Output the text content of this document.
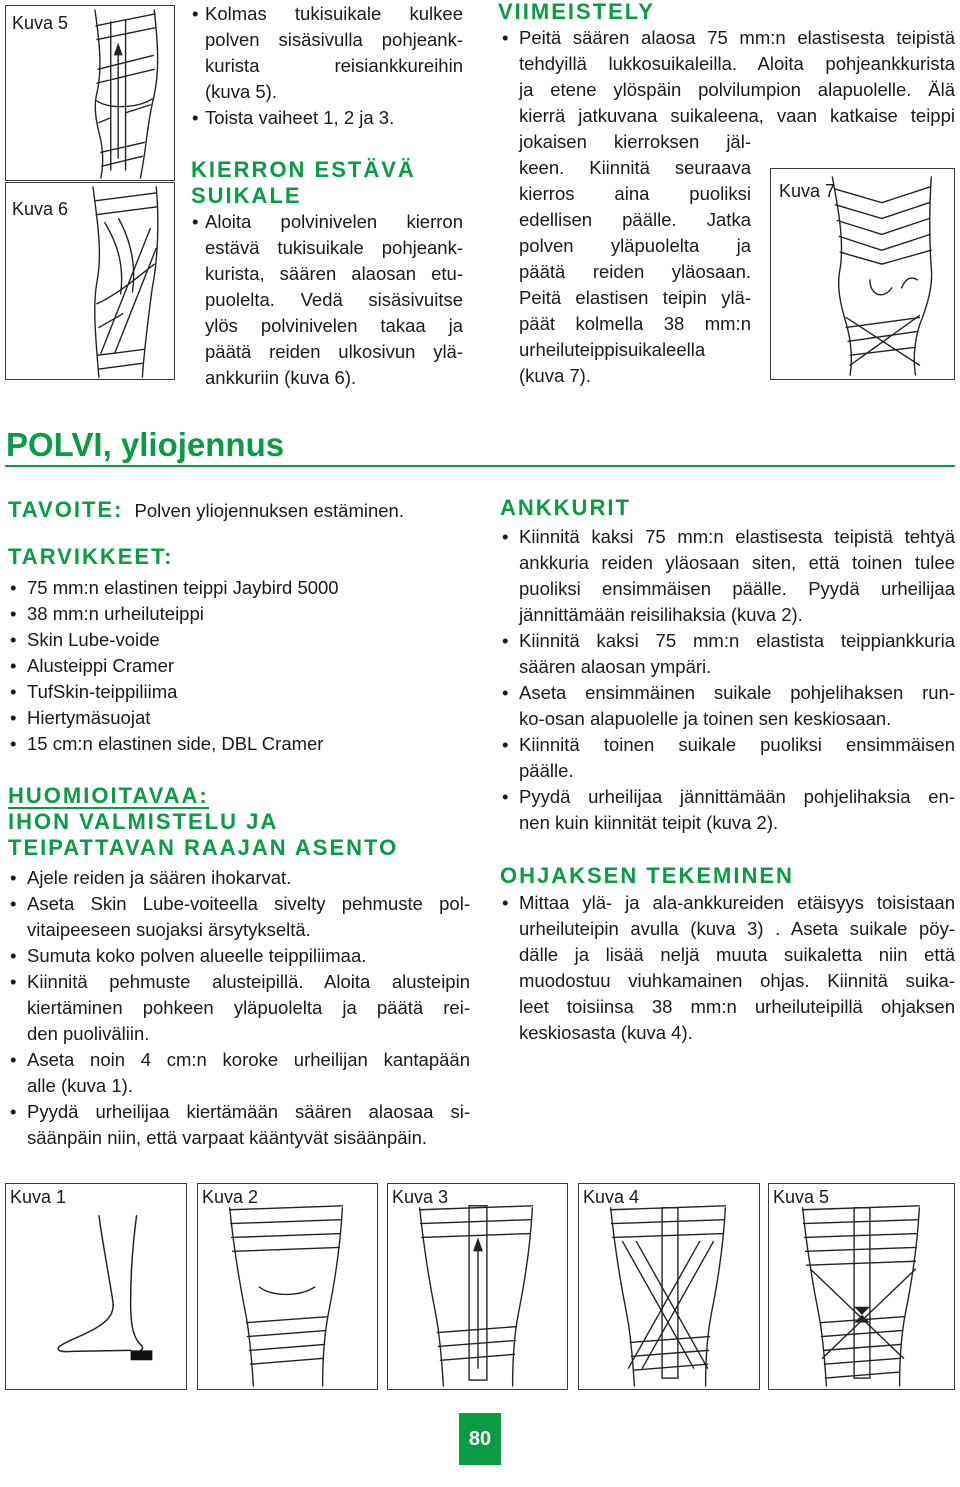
Kuva 5
Kuva 6
• Kolmas tukisuikale kulkee
polven sisäsivulla pohjeank-
kurista reisiankkureihin
(kuva 5).
• Toista vaiheet 1, 2 ja 3.
KIERRON ESTÄVÄ
SUIKALE
• Aloita polvinivelen kierron
estävä tukisuikale pohjeank-
kurista, säären alaosan etu-
puolelta. Vedä sisäsivuitse
ylös polvinivelen takaa ja
päätä reiden ulkosivun ylä-
ankkuriin (kuva 6).
VIIMEISTELY
• Peitä säären alaosa 75 mm:n elastisesta teipistä
tehdyillä lukkosuikaleilla. Aloita pohjeankkurista
ja etene ylöspäin polvilumpion alapuolelle. Älä
kierrä jatkuvana suikaleena, vaan katkaise teippi
jokaisen kierroksen jäl-
keen. Kiinnitä seuraava
kierros aina puoliksi
edellisen päälle. Jatka
polven yläpuolelta ja
päätä reiden yläosaan.
Peitä elastisen teipin ylä-
päät kolmella 38 mm:n
urheiluteippisuikaleella
(kuva 7).
Kuva 7
POLVI, yliojennus
TAVOITE: Polven yliojennuksen estäminen.
TARVIKKEET:
• 75 mm:n elastinen teippi Jaybird 5000
• 38 mm:n urheiluteippi
• Skin Lube-voide
• Alusteippi Cramer
• TufSkin-teippiliima
• Hiertymäsuojat
• 15 cm:n elastinen side, DBL Cramer
HUOMIOITAVAA:
IHON VALMISTELU JA
TEIPATTAVAN RAAJAN ASENTO
• Ajele reiden ja säären ihokarvat.
• Aseta Skin Lube-voiteella sivelty pehmuste pol-
vitaipeeseen suojaksi ärsytykseltä.
• Sumuta koko polven alueelle teippiliimaa.
• Kiinnitä pehmuste alusteipillä. Aloita alusteipin
kiertäminen pohkeen yläpuolelta ja päätä rei-
den puoliväliin.
• Aseta noin 4 cm:n koroke urheilijan kantapään
alle (kuva 1).
• Pyydä urheilijaa kiertämään säären alaosaa si-
säänpäin niin, että varpaat kääntyvät sisäänpäin.
ANKKURIT
• Kiinnitä kaksi 75 mm:n elastisesta teipistä tehtyä
ankkuria reiden yläosaan siten, että toinen tulee
puoliksi ensimmäisen päälle. Pyydä urheilijaa
jännittämään reisilihaksia (kuva 2).
• Kiinnitä kaksi 75 mm:n elastista teippiankkuria
säären alaosan ympäri.
• Aseta ensimmäinen suikale pohjelihaksen run-
ko-osan alapuolelle ja toinen sen keskiosaan.
• Kiinnitä toinen suikale puoliksi ensimmäisen
päälle.
• Pyydä urheilijaa jännittämään pohjelihaksia en-
nen kuin kiinnität teipit (kuva 2).
OHJAKSEN TEKEMINEN
• Mittaa ylä- ja ala-ankkureiden etäisyys toisistaan
urheiluteipin avulla (kuva 3) . Aseta suikale pöy-
dälle ja lisää neljä muuta suikaletta niin että
muodostuu viuhkamainen ohjas. Kiinnitä suika-
leet toisiinsa 38 mm:n urheiluteipillä ohjaksen
keskiosasta (kuva 4).
Kuva 1	Kuva 2	Kuva 3	Kuva 4	Kuva 5
80
